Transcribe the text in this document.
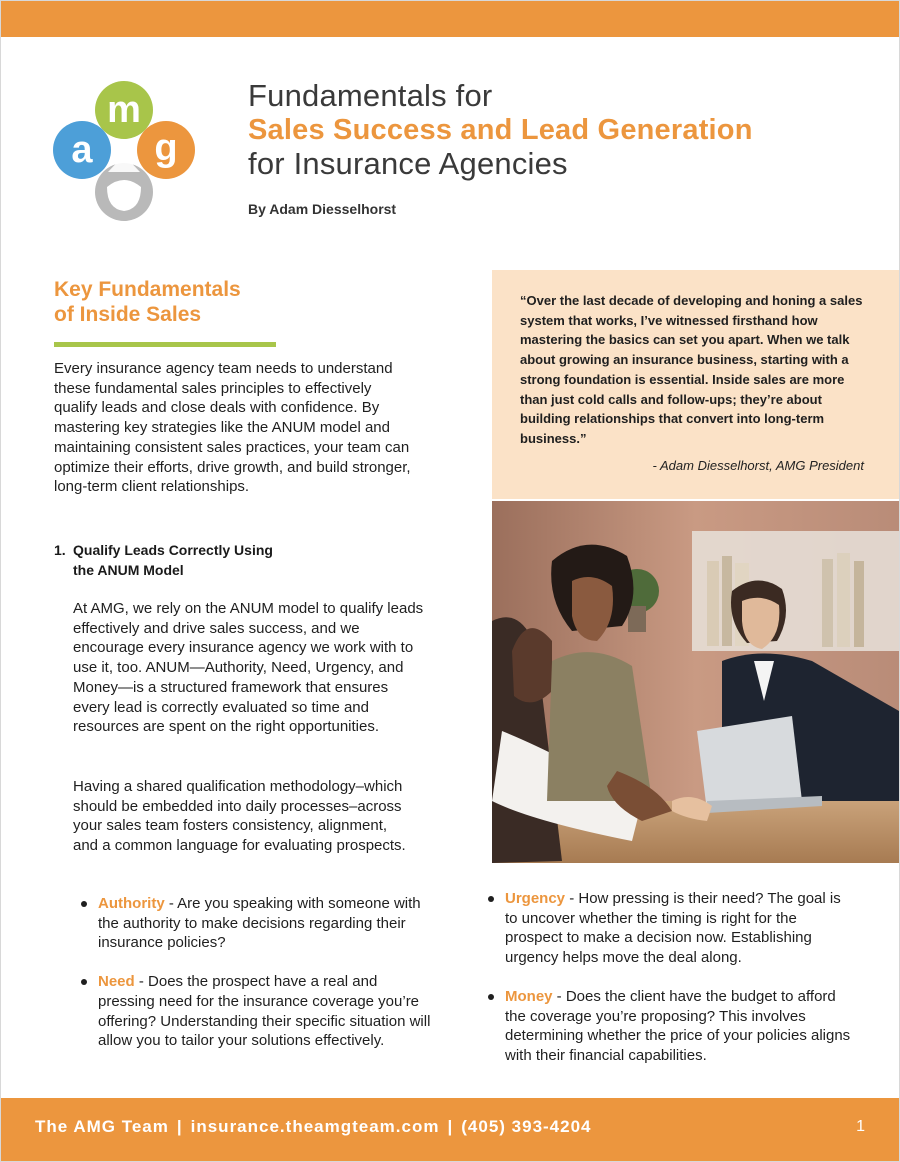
m
a g
Fundamentals for
Sales Success and Lead Generation
for Insurance Agencies
By Adam Diesselhorst
Key Fundamentals
of Inside Sales
Every insurance agency team needs to understand these fundamental sales principles to effectively qualify leads and close deals with confidence. By mastering key strategies like the ANUM model and maintaining consistent sales practices, your team can optimize their efforts, drive growth, and build stronger, long-term client relationships.
1. Qualify Leads Correctly Using
the ANUM Model
At AMG, we rely on the ANUM model to qualify leads effectively and drive sales success, and we encourage every insurance agency we work with to use it, too. ANUM—Authority, Need, Urgency, and Money—is a structured framework that ensures every lead is correctly evaluated so time and resources are spent on the right opportunities.
Having a shared qualification methodology–which should be embedded into daily processes–across your sales team fosters consistency, alignment, and a common language for evaluating prospects.
Authority - Are you speaking with someone with the authority to make decisions regarding their insurance policies?
Need - Does the prospect have a real and pressing need for the insurance coverage you’re offering? Understanding their specific situation will allow you to tailor your solutions effectively.
“Over the last decade of developing and honing a sales system that works, I’ve witnessed firsthand how mastering the basics can set you apart. When we talk about growing an insurance business, starting with a strong foundation is essential. Inside sales are more than just cold calls and follow-ups; they’re about building relationships that convert into long-term business.”
- Adam Diesselhorst, AMG President
Urgency - How pressing is their need? The goal is to uncover whether the timing is right for the prospect to make a decision now. Establishing urgency helps move the deal along.
Money - Does the client have the budget to afford the coverage you’re proposing? This involves determining whether the price of your policies aligns with their financial capabilities.
The AMG Team | insurance.theamgteam.com | (405) 393-4204	1
